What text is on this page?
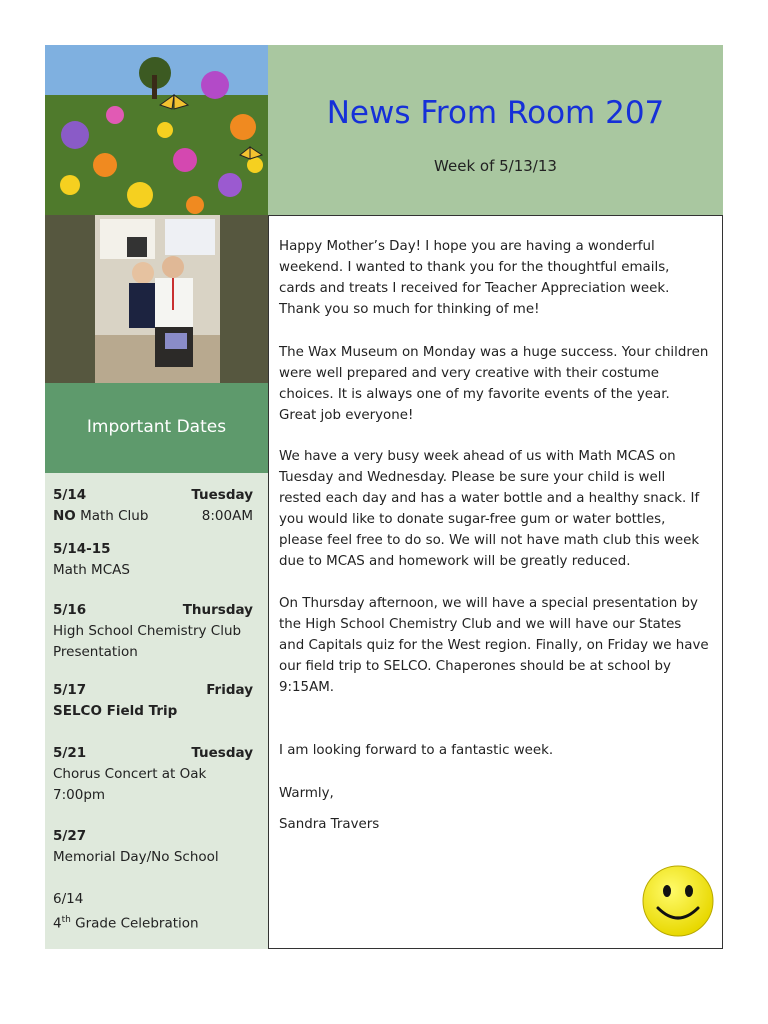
News From Room 207
Week of 5/13/13
Important Dates
5/14	Tuesday
NO Math Club	8:00AM
5/14-15
Math MCAS
5/16	Thursday
High School Chemistry Club
Presentation
5/17	Friday
SELCO Field Trip
5/21	Tuesday
Chorus Concert at Oak
7:00pm
5/27
Memorial Day/No School
6/14
4th Grade Celebration

Happy Mother’s Day! I hope you are having a wonderful weekend. I wanted to thank you for the thoughtful emails, cards and treats I received for Teacher Appreciation week. Thank you so much for thinking of me!

The Wax Museum on Monday was a huge success. Your children were well prepared and very creative with their costume choices. It is always one of my favorite events of the year. Great job everyone!

We have a very busy week ahead of us with Math MCAS on Tuesday and Wednesday. Please be sure your child is well rested each day and has a water bottle and a healthy snack. If you would like to donate sugar-free gum or water bottles, please feel free to do so. We will not have math club this week due to MCAS and homework will be greatly reduced.

On Thursday afternoon, we will have a special presentation by the High School Chemistry Club and we will have our States and Capitals quiz for the West region. Finally, on Friday we have our field trip to SELCO. Chaperones should be at school by 9:15AM.

I am looking forward to a fantastic week.

Warmly,

Sandra Travers
